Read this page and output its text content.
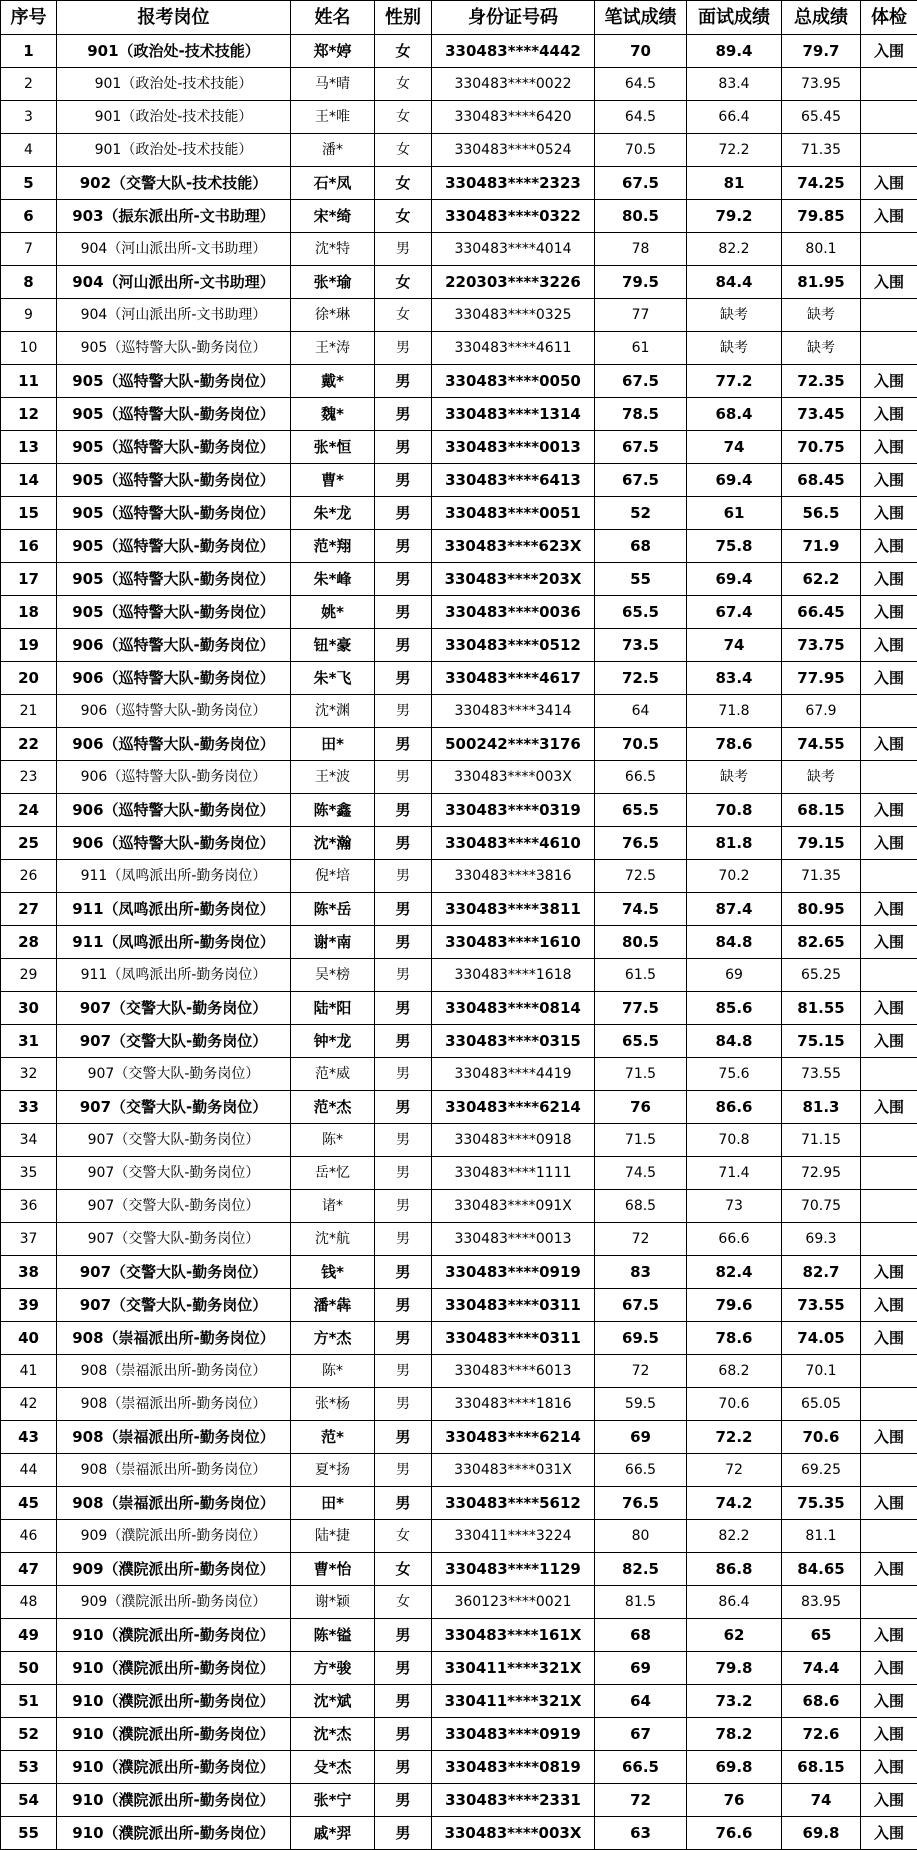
序号	报考岗位	姓名	性别	身份证号码	笔试成绩	面试成绩	总成绩	体检
1	901（政治处-技术技能）	郑*婷	女	330483****4442	70	89.4	79.7	入围
2	901（政治处-技术技能）	马*晴	女	330483****0022	64.5	83.4	73.95	
3	901（政治处-技术技能）	王*唯	女	330483****6420	64.5	66.4	65.45	
4	901（政治处-技术技能）	潘*	女	330483****0524	70.5	72.2	71.35	
5	902（交警大队-技术技能）	石*凤	女	330483****2323	67.5	81	74.25	入围
6	903（振东派出所-文书助理）	宋*绮	女	330483****0322	80.5	79.2	79.85	入围
7	904（河山派出所-文书助理）	沈*特	男	330483****4014	78	82.2	80.1	
8	904（河山派出所-文书助理）	张*瑜	女	220303****3226	79.5	84.4	81.95	入围
9	904（河山派出所-文书助理）	徐*琳	女	330483****0325	77	缺考	缺考	
10	905（巡特警大队-勤务岗位）	王*涛	男	330483****4611	61	缺考	缺考	
11	905（巡特警大队-勤务岗位）	戴*	男	330483****0050	67.5	77.2	72.35	入围
12	905（巡特警大队-勤务岗位）	魏*	男	330483****1314	78.5	68.4	73.45	入围
13	905（巡特警大队-勤务岗位）	张*恒	男	330483****0013	67.5	74	70.75	入围
14	905（巡特警大队-勤务岗位）	曹*	男	330483****6413	67.5	69.4	68.45	入围
15	905（巡特警大队-勤务岗位）	朱*龙	男	330483****0051	52	61	56.5	入围
16	905（巡特警大队-勤务岗位）	范*翔	男	330483****623X	68	75.8	71.9	入围
17	905（巡特警大队-勤务岗位）	朱*峰	男	330483****203X	55	69.4	62.2	入围
18	905（巡特警大队-勤务岗位）	姚*	男	330483****0036	65.5	67.4	66.45	入围
19	906（巡特警大队-勤务岗位）	钮*豪	男	330483****0512	73.5	74	73.75	入围
20	906（巡特警大队-勤务岗位）	朱*飞	男	330483****4617	72.5	83.4	77.95	入围
21	906（巡特警大队-勤务岗位）	沈*渊	男	330483****3414	64	71.8	67.9	
22	906（巡特警大队-勤务岗位）	田*	男	500242****3176	70.5	78.6	74.55	入围
23	906（巡特警大队-勤务岗位）	王*波	男	330483****003X	66.5	缺考	缺考	
24	906（巡特警大队-勤务岗位）	陈*鑫	男	330483****0319	65.5	70.8	68.15	入围
25	906（巡特警大队-勤务岗位）	沈*瀚	男	330483****4610	76.5	81.8	79.15	入围
26	911（凤鸣派出所-勤务岗位）	倪*培	男	330483****3816	72.5	70.2	71.35	
27	911（凤鸣派出所-勤务岗位）	陈*岳	男	330483****3811	74.5	87.4	80.95	入围
28	911（凤鸣派出所-勤务岗位）	谢*南	男	330483****1610	80.5	84.8	82.65	入围
29	911（凤鸣派出所-勤务岗位）	吴*榜	男	330483****1618	61.5	69	65.25	
30	907（交警大队-勤务岗位）	陆*阳	男	330483****0814	77.5	85.6	81.55	入围
31	907（交警大队-勤务岗位）	钟*龙	男	330483****0315	65.5	84.8	75.15	入围
32	907（交警大队-勤务岗位）	范*威	男	330483****4419	71.5	75.6	73.55	
33	907（交警大队-勤务岗位）	范*杰	男	330483****6214	76	86.6	81.3	入围
34	907（交警大队-勤务岗位）	陈*	男	330483****0918	71.5	70.8	71.15	
35	907（交警大队-勤务岗位）	岳*忆	男	330483****1111	74.5	71.4	72.95	
36	907（交警大队-勤务岗位）	诸*	男	330483****091X	68.5	73	70.75	
37	907（交警大队-勤务岗位）	沈*航	男	330483****0013	72	66.6	69.3	
38	907（交警大队-勤务岗位）	钱*	男	330483****0919	83	82.4	82.7	入围
39	907（交警大队-勤务岗位）	潘*犇	男	330483****0311	67.5	79.6	73.55	入围
40	908（崇福派出所-勤务岗位）	方*杰	男	330483****0311	69.5	78.6	74.05	入围
41	908（崇福派出所-勤务岗位）	陈*	男	330483****6013	72	68.2	70.1	
42	908（崇福派出所-勤务岗位）	张*杨	男	330483****1816	59.5	70.6	65.05	
43	908（崇福派出所-勤务岗位）	范*	男	330483****6214	69	72.2	70.6	入围
44	908（崇福派出所-勤务岗位）	夏*扬	男	330483****031X	66.5	72	69.25	
45	908（崇福派出所-勤务岗位）	田*	男	330483****5612	76.5	74.2	75.35	入围
46	909（濮院派出所-勤务岗位）	陆*捷	女	330411****3224	80	82.2	81.1	
47	909（濮院派出所-勤务岗位）	曹*怡	女	330483****1129	82.5	86.8	84.65	入围
48	909（濮院派出所-勤务岗位）	谢*颖	女	360123****0021	81.5	86.4	83.95	
49	910（濮院派出所-勤务岗位）	陈*镒	男	330483****161X	68	62	65	入围
50	910（濮院派出所-勤务岗位）	方*骏	男	330411****321X	69	79.8	74.4	入围
51	910（濮院派出所-勤务岗位）	沈*斌	男	330411****321X	64	73.2	68.6	入围
52	910（濮院派出所-勤务岗位）	沈*杰	男	330483****0919	67	78.2	72.6	入围
53	910（濮院派出所-勤务岗位）	殳*杰	男	330483****0819	66.5	69.8	68.15	入围
54	910（濮院派出所-勤务岗位）	张*宁	男	330483****2331	72	76	74	入围
55	910（濮院派出所-勤务岗位）	戚*羿	男	330483****003X	63	76.6	69.8	入围
